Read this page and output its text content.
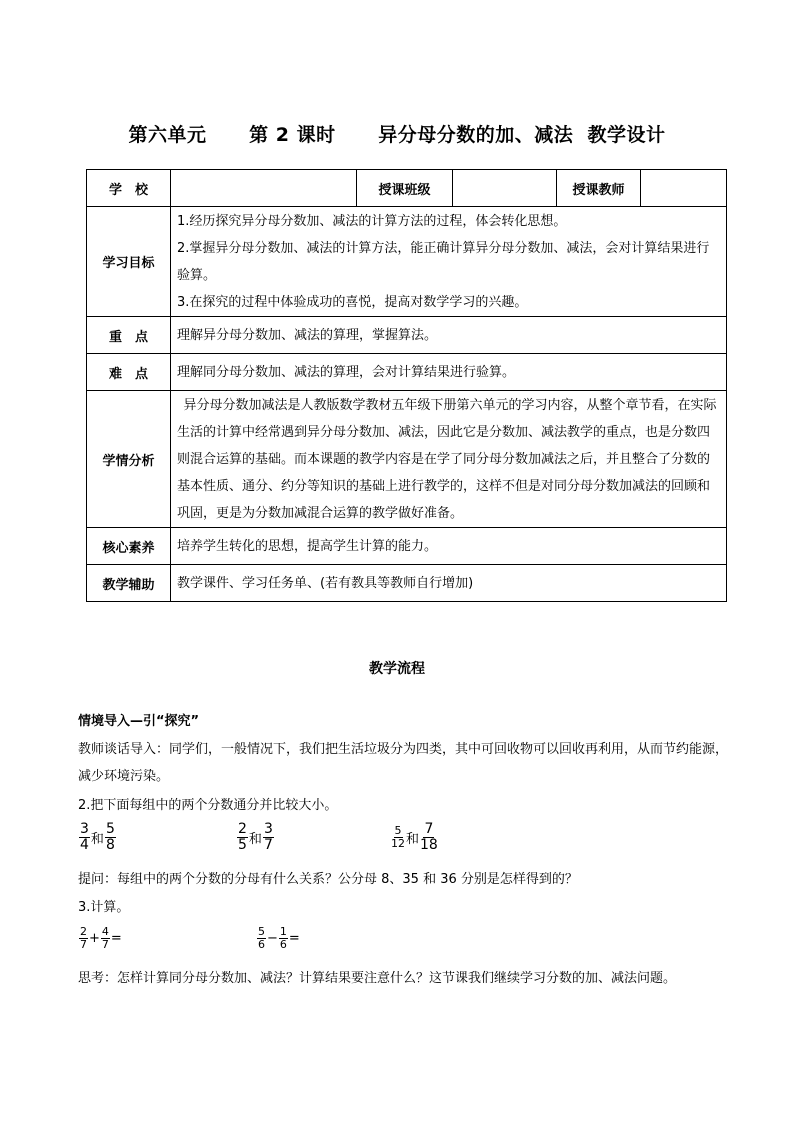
第六单元      第 2 课时      异分母分数的加、减法  教学设计
学　校		授课班级		授课教师	
学习目标	1.经历探究异分母分数加、减法的计算方法的过程，体会转化思想。

2.掌握异分母分数加、减法的计算方法，能正确计算异分母分数加、减法，会对计算结果进行验算。

3.在探究的过程中体验成功的喜悦，提高对数学学习的兴趣。				

重　点	理解异分母分数加、减法的算理，掌握算法。				
难　点	理解同分母分数加、减法的算理，会对计算结果进行验算。				
学情分析	异分母分数加减法是人教版数学教材五年级下册第六单元的学习内容，从整个章节看，在实际生活的计算中经常遇到异分母分数加、减法，因此它是分数加、减法教学的重点，也是分数四则混合运算的基础。而本课题的教学内容是在学了同分母分数加减法之后，并且整合了分数的基本性质、通分、约分等知识的基础上进行教学的，这样不但是对同分母分数加减法的回顾和巩固，更是为分数加减混合运算的教学做好准备。				

核心素养	培养学生转化的思想，提高学生计算的能力。				
教学辅助	教学课件、学习任务单、(若有教具等教师自行增加)				
教学流程
情境导入—引“探究”
教师谈话导入：同学们，一般情况下，我们把生活垃圾分为四类，其中可回收物可以回收再利用，从而节约能源，减少环境污染。
2.把下面每组中的两个分数通分并比较大小。
$\frac{3}{4}$ 和 $\frac{5}{8}$	$\frac{2}{5}$ 和 $\frac{3}{7}$	$\frac{5}{12}$ 和 $\frac{7}{18}$
提问：每组中的两个分数的分母有什么关系？公分母 8、35 和 36 分别是怎样得到的？
3.计算。
$\frac{2}{7} + \frac{4}{7}$ =	$\frac{5}{6} - \frac{1}{6}$ =
思考：怎样计算同分母分数加、减法？计算结果要注意什么？这节课我们继续学习分数的加、减法问题。
